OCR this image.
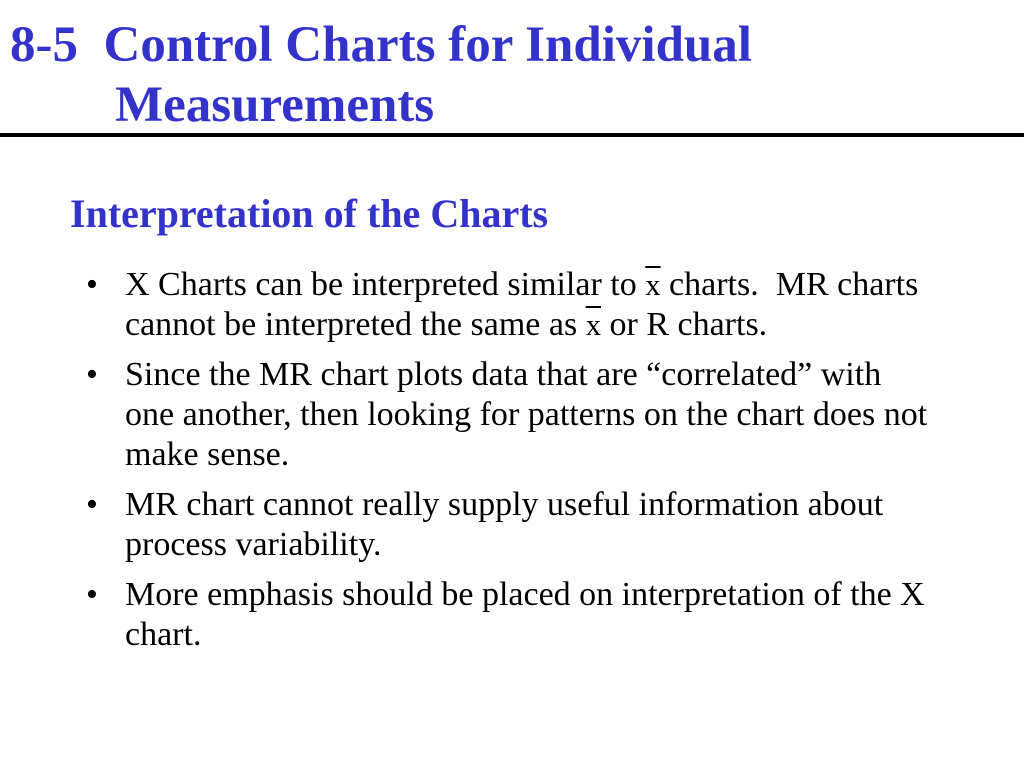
8-5  Control Charts for Individual
Measurements
Interpretation of the Charts
• X Charts can be interpreted similar to $\overline{x}$ charts.  MR charts
cannot be interpreted the same as $\overline{x}$ or R charts.
• Since the MR chart plots data that are “correlated” with
one another, then looking for patterns on the chart does not
make sense.
• MR chart cannot really supply useful information about
process variability.
• More emphasis should be placed on interpretation of the X
chart.
